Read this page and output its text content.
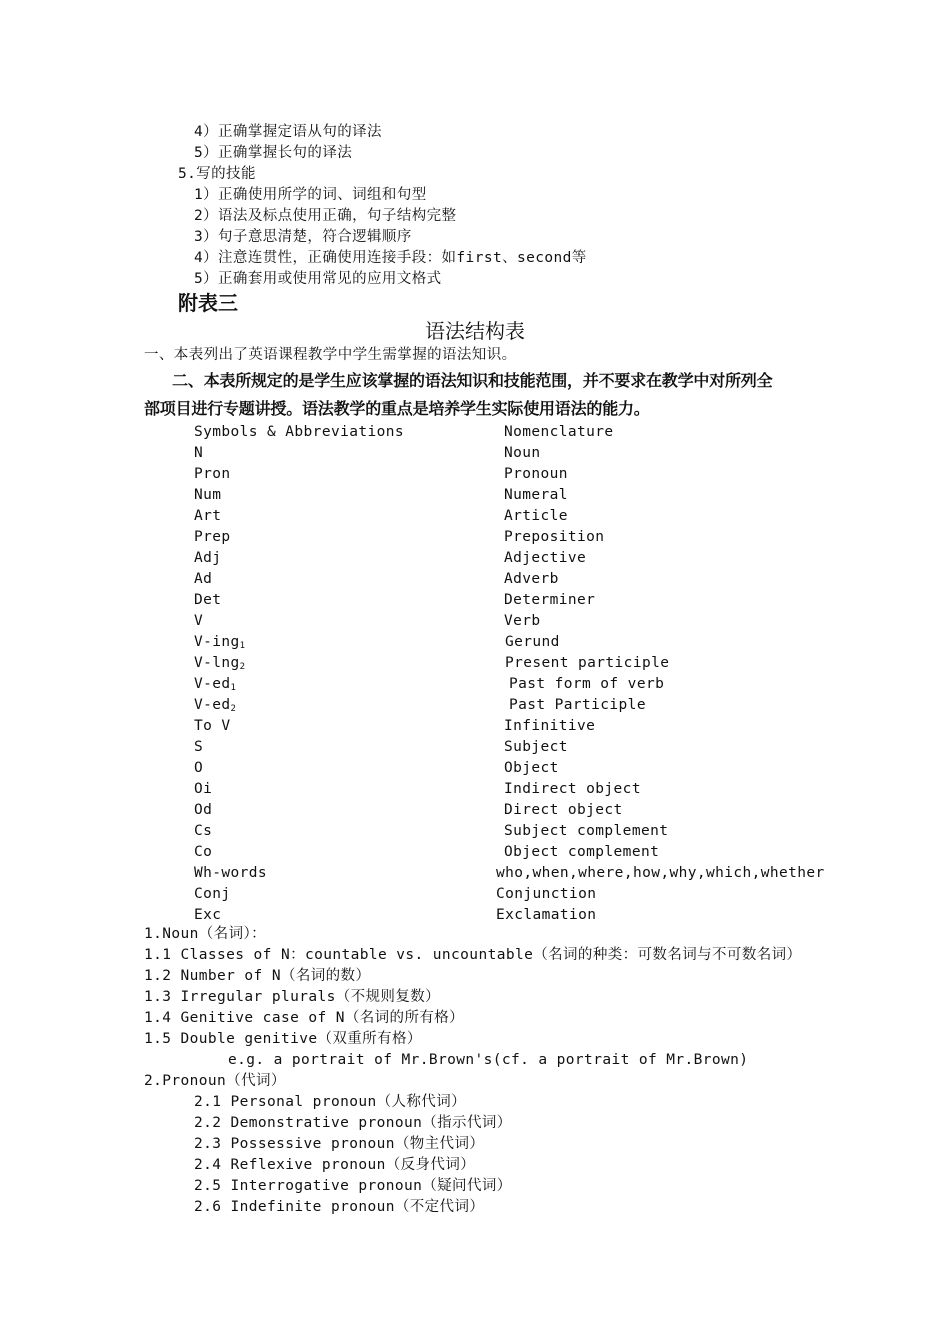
4）正确掌握定语从句的译法
5）正确掌握长句的译法
5.写的技能
1）正确使用所学的词、词组和句型
2）语法及标点使用正确，句子结构完整
3）句子意思清楚，符合逻辑顺序
4）注意连贯性，正确使用连接手段：如first、second等
5）正确套用或使用常见的应用文格式
附表三
语法结构表
一、本表列出了英语课程教学中学生需掌握的语法知识。
二、本表所规定的是学生应该掌握的语法知识和技能范围，并不要求在教学中对所列全
部项目进行专题讲授。语法教学的重点是培养学生实际使用语法的能力。
Symbols & Abbreviations	Nomenclature
N	Noun
Pron	Pronoun
Num	Numeral
Art	Article
Prep	Preposition
Adj	Adjective
Ad	Adverb
Det	Determiner
V	Verb
V-ing$_1$	Gerund
V-lng$_2$	Present participle
$V-ed_1$	Past form of verb
$V-ed_2$	Past Participle
To V	Infinitive
S	Subject
O	Object
Oi	Indirect object
Od	Direct object
Cs	Subject complement
Co	Object complement
Wh-words	who,when,where,how,why,which,whether
Conj	Conjunction
Exc	Exclamation
1.Noun（名词）：
1.1 Classes of N：countable vs. uncountable（名词的种类：可数名词与不可数名词）
1.2 Number of N（名词的数）
1.3 Irregular plurals（不规则复数）
1.4 Genitive case of N（名词的所有格）
1.5 Double genitive（双重所有格）
e.g. a portrait of Mr.Brown's(cf. a portrait of Mr.Brown)
2.Pronoun（代词）
2.1 Personal pronoun（人称代词）
2.2 Demonstrative pronoun（指示代词）
2.3 Possessive pronoun（物主代词）
2.4 Reflexive pronoun（反身代词）
2.5 Interrogative pronoun（疑问代词）
2.6 Indefinite pronoun（不定代词）
